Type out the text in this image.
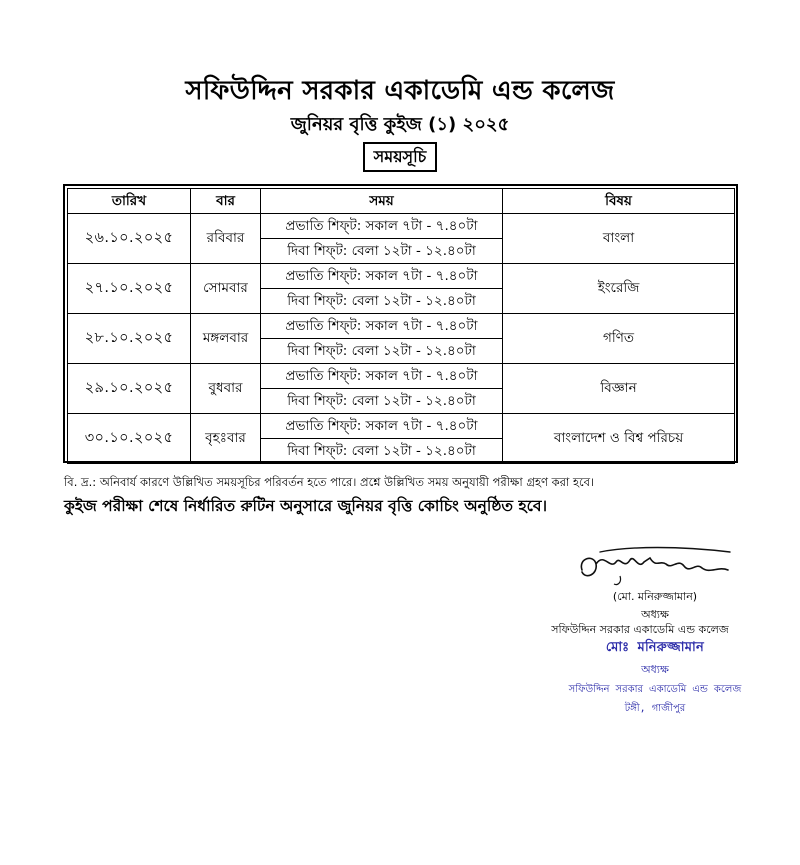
সফিউদ্দিন সরকার একাডেমি এন্ড কলেজ
জুনিয়র বৃত্তি কুইজ (১) ২০২৫
সময়সূচি
তারিখ	বার	সময়	বিষয়
২৬.১০.২০২৫	রবিবার	প্রভাতি শিফ্‌ট: সকাল ৭টা - ৭.৪০টা	বাংলা
		দিবা শিফ্‌ট: বেলা ১২টা - ১২.৪০টা	
২৭.১০.২০২৫	সোমবার	প্রভাতি শিফ্‌ট: সকাল ৭টা - ৭.৪০টা	ইংরেজি
		দিবা শিফ্‌ট: বেলা ১২টা - ১২.৪০টা	
২৮.১০.২০২৫	মঙ্গলবার	প্রভাতি শিফ্‌ট: সকাল ৭টা - ৭.৪০টা	গণিত
		দিবা শিফ্‌ট: বেলা ১২টা - ১২.৪০টা	
২৯.১০.২০২৫	বুধবার	প্রভাতি শিফ্‌ট: সকাল ৭টা - ৭.৪০টা	বিজ্ঞান
		দিবা শিফ্‌ট: বেলা ১২টা - ১২.৪০টা	
৩০.১০.২০২৫	বৃহঃবার	প্রভাতি শিফ্‌ট: সকাল ৭টা - ৭.৪০টা	বাংলাদেশ ও বিশ্ব পরিচয়
		দিবা শিফ্‌ট: বেলা ১২টা - ১২.৪০টা	
বি. দ্র.: অনিবার্য কারণে উল্লিখিত সময়সূচির পরিবর্তন হতে পারে। প্রশ্নে উল্লিখিত সময় অনুযায়ী পরীক্ষা গ্রহণ করা হবে।
কুইজ পরীক্ষা শেষে নির্ধারিত রুটিন অনুসারে জুনিয়র বৃত্তি কোচিং অনুষ্ঠিত হবে।
(মো. মনিরুজ্জামান)
অধ্যক্ষ
সফিউদ্দিন সরকার একাডেমি এন্ড কলেজ
মোঃ মনিরুজ্জামান
অধ্যক্ষ
সফিউদ্দিন সরকার একাডেমি এন্ড কলেজ
টঙ্গী, গাজীপুর
